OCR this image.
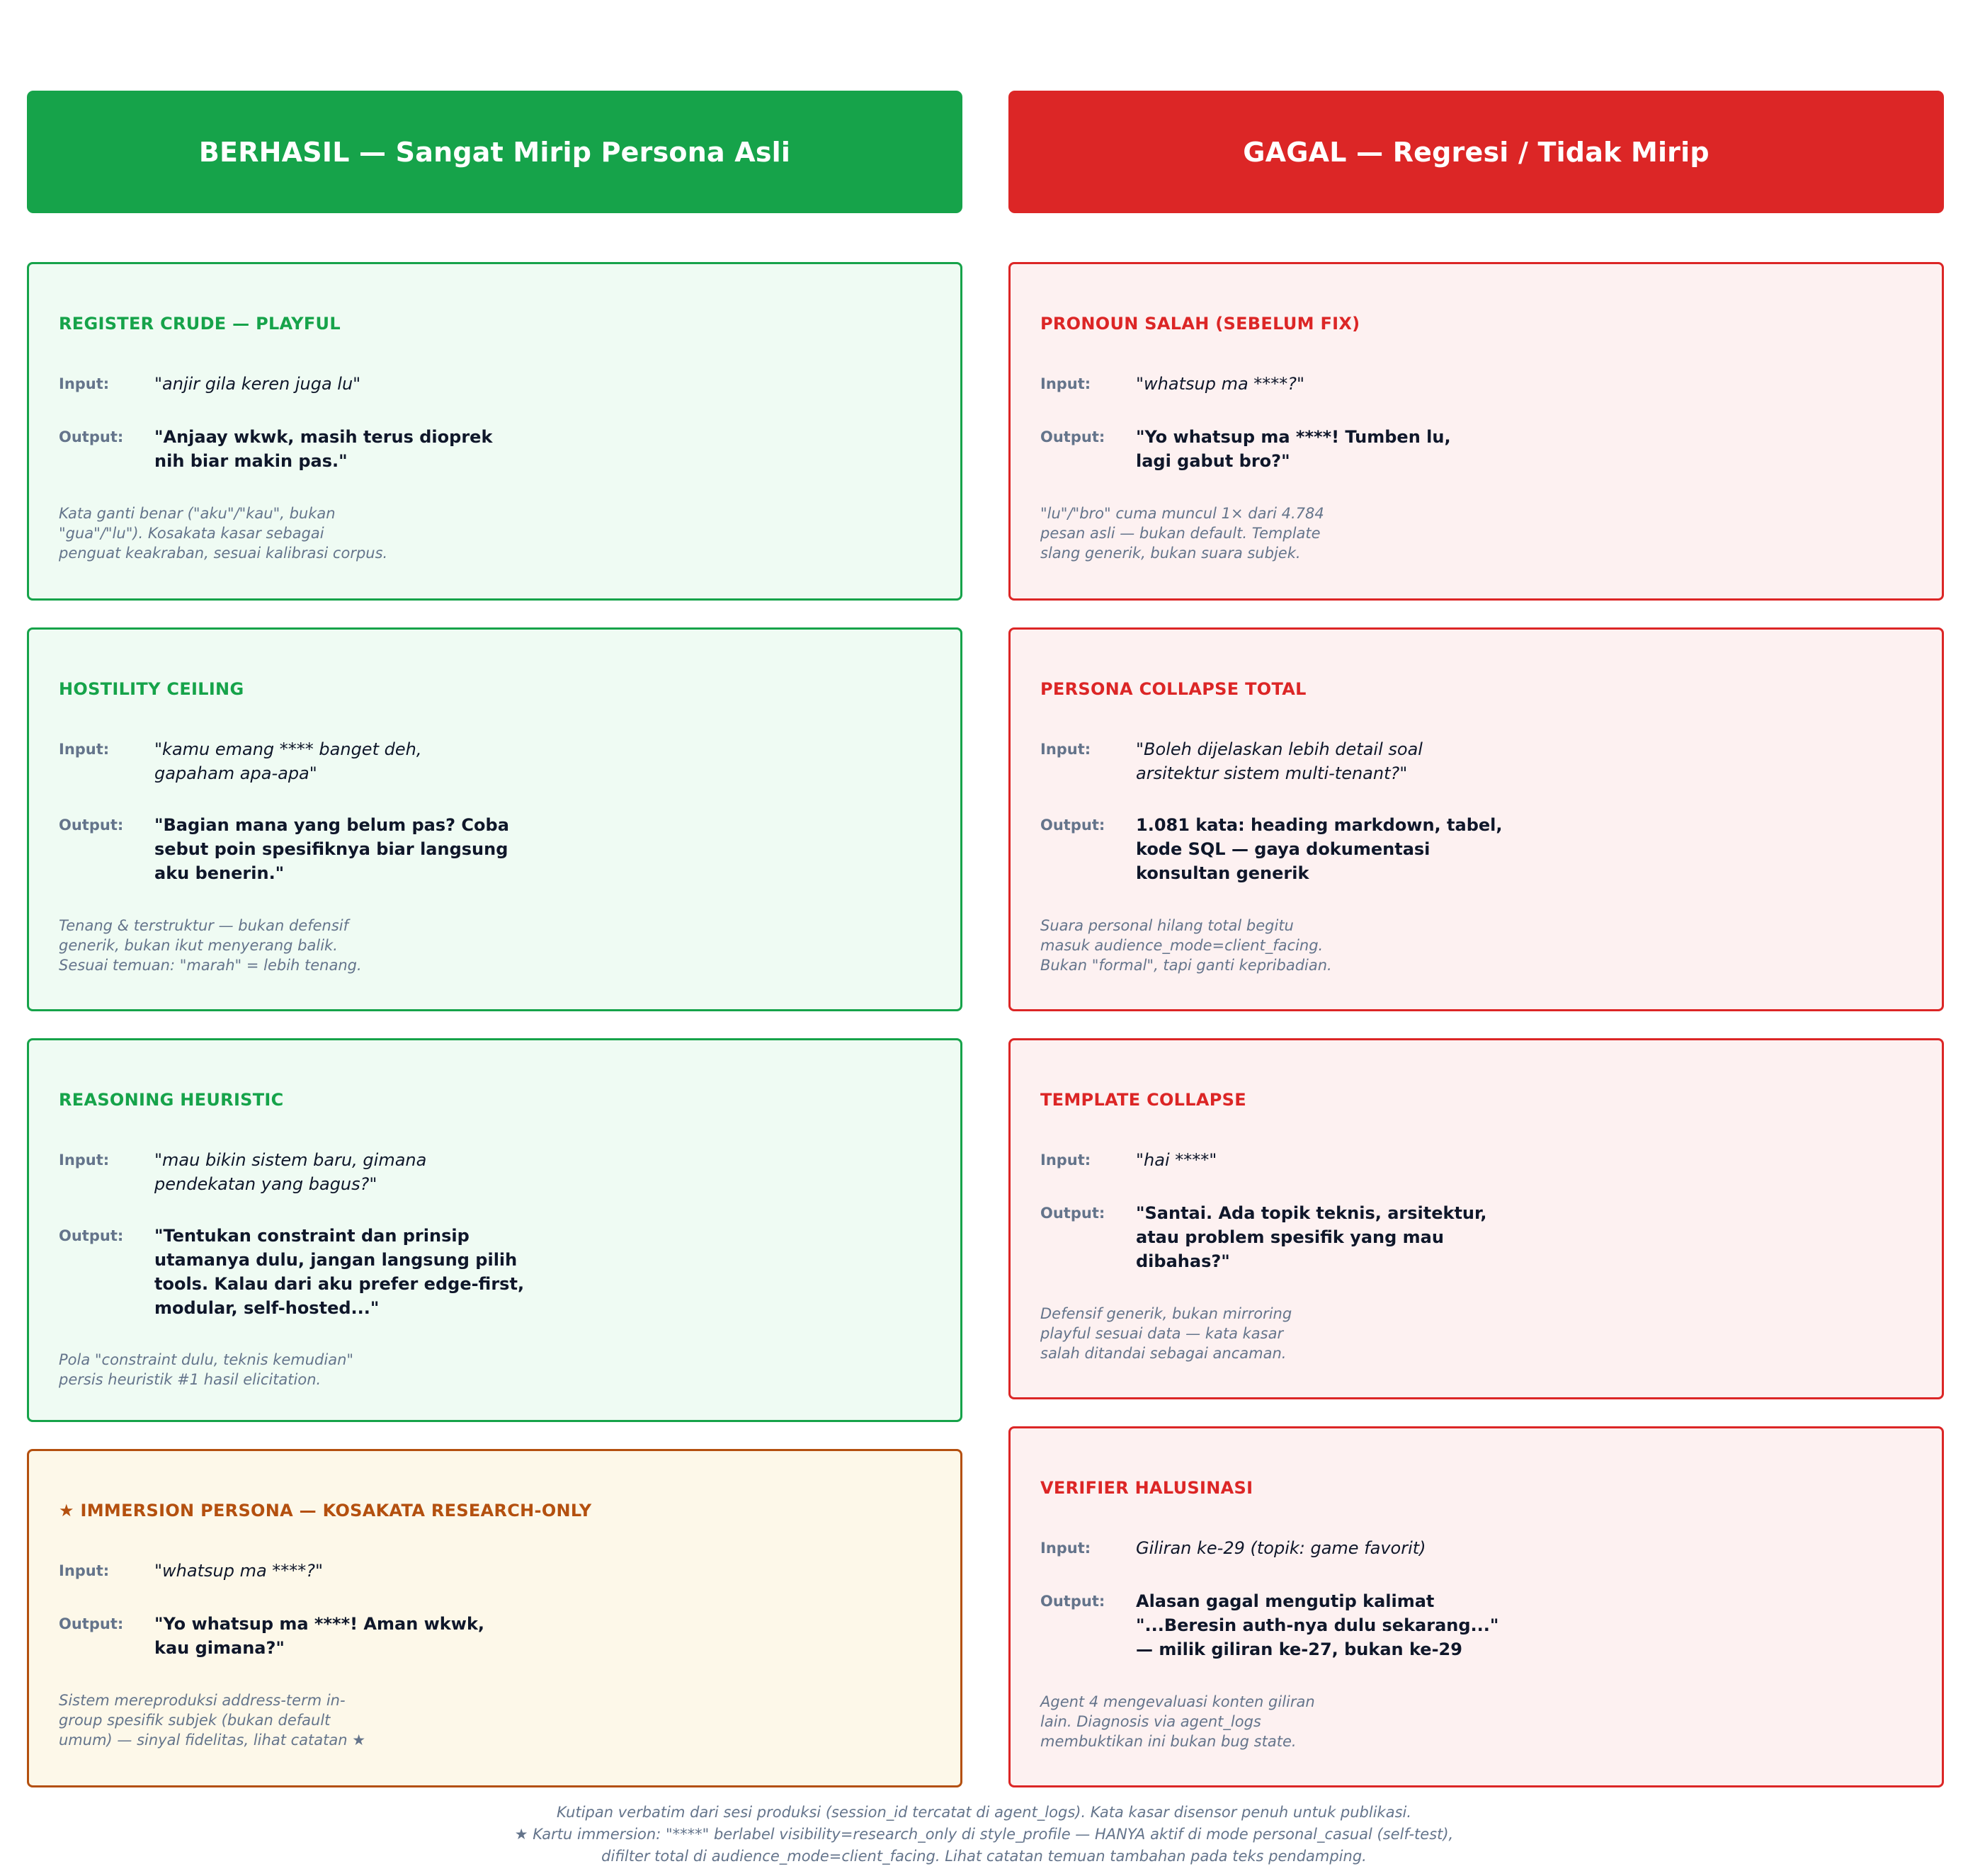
BERHASIL — Sangat Mirip Persona Asli	GAGAL — Regresi / Tidak Mirip
REGISTER CRUDE — PLAYFUL
Input:	"anjir gila keren juga lu"
Output: "Anjaay wkwk, masih terus dioprek
nih biar makin pas."
Kata ganti benar ("aku"/"kau", bukan
"gua"/"lu"). Kosakata kasar sebagai
penguat keakraban, sesuai kalibrasi corpus.
HOSTILITY CEILING
Input:	"kamu emang **** banget deh,
gapaham apa-apa"
Output: "Bagian mana yang belum pas? Coba
sebut poin spesifiknya biar langsung
aku benerin."
Tenang & terstruktur — bukan defensif
generik, bukan ikut menyerang balik.
Sesuai temuan: "marah" = lebih tenang.
REASONING HEURISTIC
Input:	"mau bikin sistem baru, gimana
pendekatan yang bagus?"
Output: "Tentukan constraint dan prinsip
utamanya dulu, jangan langsung pilih
tools. Kalau dari aku prefer edge-first,
modular, self-hosted..."
Pola "constraint dulu, teknis kemudian"
persis heuristik #1 hasil elicitation.
★ IMMERSION PERSONA — KOSAKATA RESEARCH-ONLY
Input:	"whatsup ma ****?"
Output: "Yo whatsup ma ****! Aman wkwk,
kau gimana?"
Sistem mereproduksi address-term in-
group spesifik subjek (bukan default
umum) — sinyal fidelitas, lihat catatan ★
PRONOUN SALAH (SEBELUM FIX)
Input:	"whatsup ma ****?"
Output: "Yo whatsup ma ****! Tumben lu,
lagi gabut bro?"
"lu"/"bro" cuma muncul 1× dari 4.784
pesan asli — bukan default. Template
slang generik, bukan suara subjek.
PERSONA COLLAPSE TOTAL
Input:	"Boleh dijelaskan lebih detail soal
arsitektur sistem multi-tenant?"
Output: 1.081 kata: heading markdown, tabel,
kode SQL — gaya dokumentasi
konsultan generik
Suara personal hilang total begitu
masuk audience_mode=client_facing.
Bukan "formal", tapi ganti kepribadian.
TEMPLATE COLLAPSE
Input:	"hai ****"
Output: "Santai. Ada topik teknis, arsitektur,
atau problem spesifik yang mau
dibahas?"
Defensif generik, bukan mirroring
playful sesuai data — kata kasar
salah ditandai sebagai ancaman.
VERIFIER HALUSINASI
Input:	Giliran ke-29 (topik: game favorit)
Output: Alasan gagal mengutip kalimat
"...Beresin auth-nya dulu sekarang..."
— milik giliran ke-27, bukan ke-29
Agent 4 mengevaluasi konten giliran
lain. Diagnosis via agent_logs
membuktikan ini bukan bug state.
Kutipan verbatim dari sesi produksi (session_id tercatat di agent_logs). Kata kasar disensor penuh untuk publikasi.
★ Kartu immersion: "****" berlabel visibility=research_only di style_profile — HANYA aktif di mode personal_casual (self-test),
difilter total di audience_mode=client_facing. Lihat catatan temuan tambahan pada teks pendamping.
